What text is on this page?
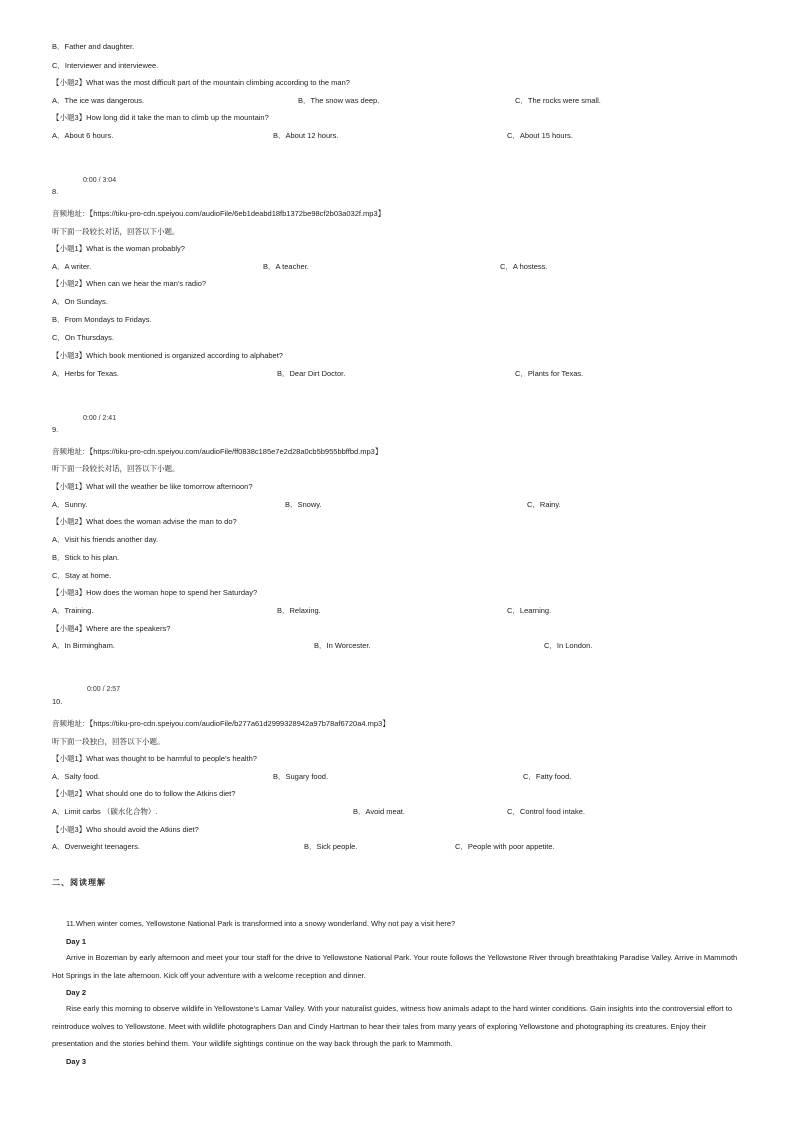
B．Father and daughter.
C．Interviewer and interviewee.
【小题2】What was the most difficult part of the mountain climbing according to the man?
A．The ice was dangerous.	B．The snow was deep.	C．The rocks were small.
【小题3】How long did it take the man to climb up the mountain?
A．About 6 hours.	B．About 12 hours.	C．About 15 hours.
0:00 / 3:04
8.
音频地址：【https://tiku-pro-cdn.speiyou.com/audioFile/6eb1deabd18fb1372be98cf2b03a032f.mp3】
听下面一段较长对话，回答以下小题。
【小题1】What is the woman probably?
A．A writer.	B．A teacher.	C．A hostess.
【小题2】When can we hear the man’s radio?
A．On Sundays.
B．From Mondays to Fridays.
C．On Thursdays.
【小题3】Which book mentioned is organized according to alphabet?
A．Herbs for Texas.	B．Dear Dirt Doctor.	C．Plants for Texas.
0:00 / 2:41
9.
音频地址：【https://tiku-pro-cdn.speiyou.com/audioFile/ff0838c185e7e2d28a0cb5b955bbffbd.mp3】
听下面一段较长对话，回答以下小题。
【小题1】What will the weather be like tomorrow afternoon?
A．Sunny.	B．Snowy.	C．Rainy.
【小题2】What does the woman advise the man to do?
A．Visit his friends another day.
B．Stick to his plan.
C．Stay at home.
【小题3】How does the woman hope to spend her Saturday?
A．Training.	B．Relaxing.	C．Learning.
【小题4】Where are the speakers?
A．In Birmingham.	B．In Worcester.	C．In London.
0:00 / 2:57
10.
音频地址：【https://tiku-pro-cdn.speiyou.com/audioFile/b277a61d2999328942a97b78af6720a4.mp3】
听下面一段独白，回答以下小题。
【小题1】What was thought to be harmful to people’s health?
A．Salty food.	B．Sugary food.	C．Fatty food.
【小题2】What should one do to follow the Atkins diet?
A．Limit carbs （碳水化合物）.	B．Avoid meat.	C．Control food intake.
【小题3】Who should avoid the Atkins diet?
A．Overweight teenagers.	B．Sick people.	C．People with poor appetite.
二、阅读理解
11.When winter comes, Yellowstone National Park is transformed into a snowy wonderland. Why not pay a visit here?
Day 1
Arrive in Bozeman by early afternoon and meet your tour staff for the drive to Yellowstone National Park. Your route follows the Yellowstone River through breathtaking Paradise Valley. Arrive in Mammoth Hot Springs in the late afternoon. Kick off your adventure with a welcome reception and dinner.
Day 2
Rise early this morning to observe wildlife in Yellowstone’s Lamar Valley. With your naturalist guides, witness how animals adapt to the hard winter conditions. Gain insights into the controversial effort to reintroduce wolves to Yellowstone. Meet with wildlife photographers Dan and Cindy Hartman to hear their tales from many years of exploring Yellowstone and photographing its creatures. Enjoy their presentation and the stories behind them. Your wildlife sightings continue on the way back through the park to Mammoth.
Day 3
